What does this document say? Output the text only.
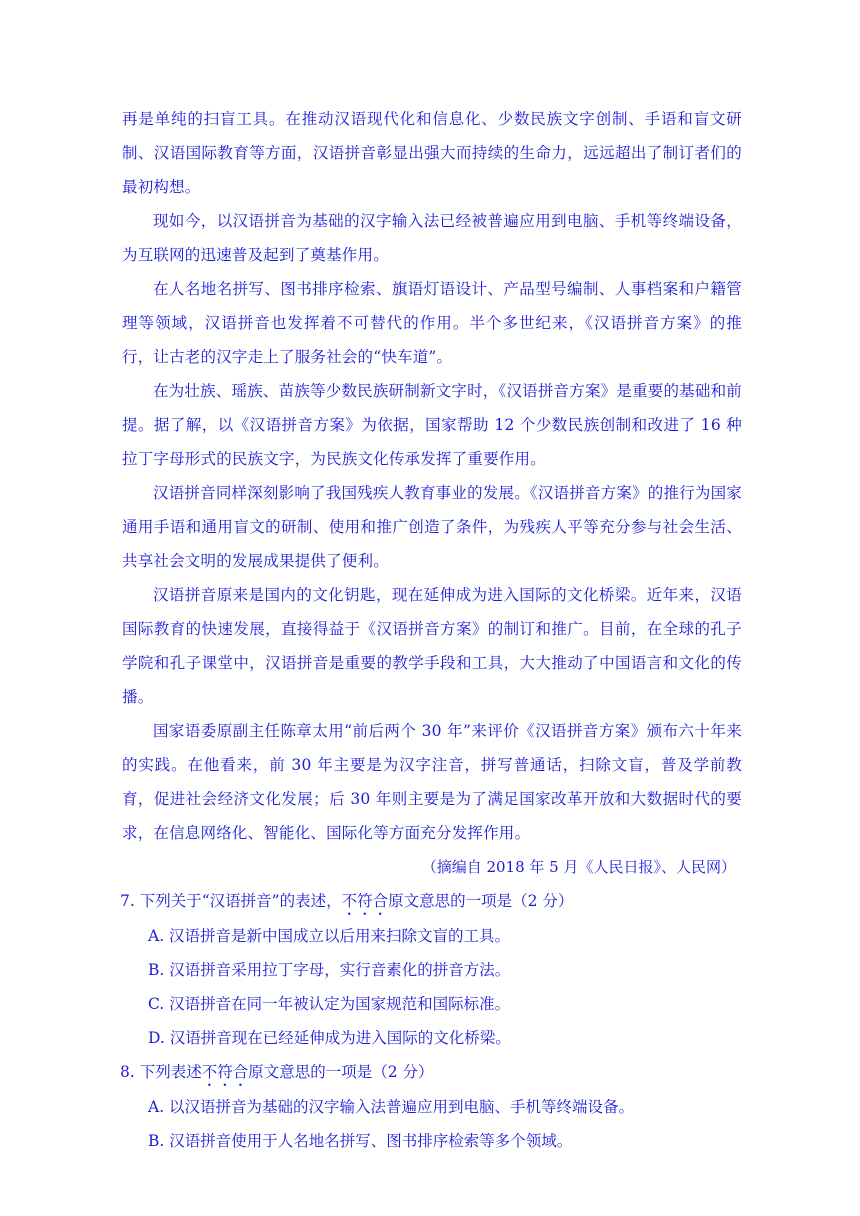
再是单纯的扫盲工具。在推动汉语现代化和信息化、少数民族文字创制、手语和盲文研制、汉语国际教育等方面，汉语拼音彰显出强大而持续的生命力，远远超出了制订者们的最初构想。

现如今，以汉语拼音为基础的汉字输入法已经被普遍应用到电脑、手机等终端设备，为互联网的迅速普及起到了奠基作用。

在人名地名拼写、图书排序检索、旗语灯语设计、产品型号编制、人事档案和户籍管理等领域，汉语拼音也发挥着不可替代的作用。半个多世纪来，《汉语拼音方案》的推行，让古老的汉字走上了服务社会的“快车道”。

在为壮族、瑶族、苗族等少数民族研制新文字时，《汉语拼音方案》是重要的基础和前提。据了解，以《汉语拼音方案》为依据，国家帮助 12 个少数民族创制和改进了 16 种拉丁字母形式的民族文字，为民族文化传承发挥了重要作用。

汉语拼音同样深刻影响了我国残疾人教育事业的发展。《汉语拼音方案》的推行为国家通用手语和通用盲文的研制、使用和推广创造了条件，为残疾人平等充分参与社会生活、共享社会文明的发展成果提供了便利。

汉语拼音原来是国内的文化钥匙，现在延伸成为进入国际的文化桥梁。近年来，汉语国际教育的快速发展，直接得益于《汉语拼音方案》的制订和推广。目前，在全球的孔子学院和孔子课堂中，汉语拼音是重要的教学手段和工具，大大推动了中国语言和文化的传播。

国家语委原副主任陈章太用“前后两个 30 年”来评价《汉语拼音方案》颁布六十年来的实践。在他看来，前 30 年主要是为汉字注音，拼写普通话，扫除文盲，普及学前教育，促进社会经济文化发展；后 30 年则主要是为了满足国家改革开放和大数据时代的要求，在信息网络化、智能化、国际化等方面充分发挥作用。

（摘编自 2018 年 5 月《人民日报》、人民网）

7. 下列关于“汉语拼音”的表述，不符合原文意思的一项是（2 分）

A. 汉语拼音是新中国成立以后用来扫除文盲的工具。

B. 汉语拼音采用拉丁字母，实行音素化的拼音方法。

C. 汉语拼音在同一年被认定为国家规范和国际标准。

D. 汉语拼音现在已经延伸成为进入国际的文化桥梁。

8. 下列表述不符合原文意思的一项是（2 分）

A. 以汉语拼音为基础的汉字输入法普遍应用到电脑、手机等终端设备。

B. 汉语拼音使用于人名地名拼写、图书排序检索等多个领域。
